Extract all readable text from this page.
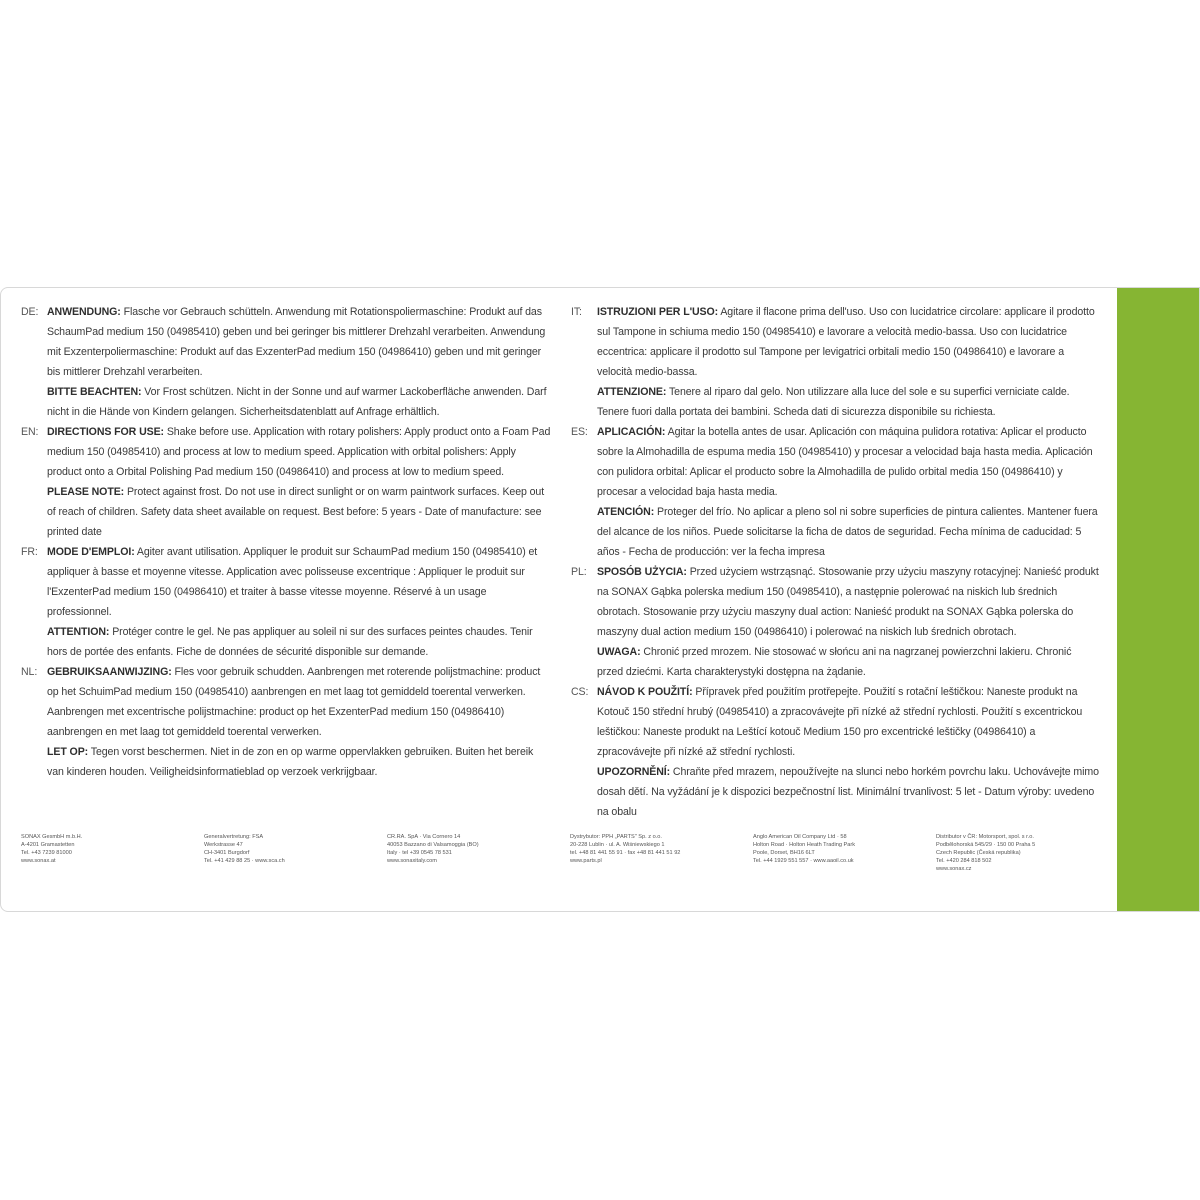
DE: ANWENDUNG: Flasche vor Gebrauch schütteln. Anwendung mit Rotationspoliermaschine: Produkt auf das SchaumPad medium 150 (04985410) geben und bei geringer bis mittlerer Drehzahl verarbeiten. Anwendung mit Exzenterpoliermaschine: Produkt auf das ExzenterPad medium 150 (04986410) geben und mit geringer bis mittlerer Drehzahl verarbeiten.

BITTE BEACHTEN: Vor Frost schützen. Nicht in der Sonne und auf warmer Lackoberfläche anwenden. Darf nicht in die Hände von Kindern gelangen. Sicherheitsdatenblatt auf Anfrage erhältlich.

EN: DIRECTIONS FOR USE: Shake before use. Application with rotary polishers: Apply product onto a Foam Pad medium 150 (04985410) and process at low to medium speed. Application with orbital polishers: Apply product onto a Orbital Polishing Pad medium 150 (04986410) and process at low to medium speed.

PLEASE NOTE: Protect against frost. Do not use in direct sunlight or on warm paintwork surfaces. Keep out of reach of children. Safety data sheet available on request. Best before: 5 years - Date of manufacture: see printed date

FR: MODE D'EMPLOI: Agiter avant utilisation. Appliquer le produit sur SchaumPad medium 150 (04985410) et appliquer à basse et moyenne vitesse. Application avec polisseuse excentrique : Appliquer le produit sur l'ExzenterPad medium 150 (04986410) et traiter à basse vitesse moyenne. Réservé à un usage professionnel.

ATTENTION: Protéger contre le gel. Ne pas appliquer au soleil ni sur des surfaces peintes chaudes. Tenir hors de portée des enfants. Fiche de données de sécurité disponible sur demande.

NL: GEBRUIKSAANWIJZING: Fles voor gebruik schudden. Aanbrengen met roterende polijstmachine: product op het SchuimPad medium 150 (04985410) aanbrengen en met laag tot gemiddeld toerental verwerken. Aanbrengen met excentrische polijstmachine: product op het ExzenterPad medium 150 (04986410) aanbrengen en met laag tot gemiddeld toerental verwerken.

LET OP: Tegen vorst beschermen. Niet in de zon en op warme oppervlakken gebruiken. Buiten het bereik van kinderen houden. Veiligheidsinformatieblad op verzoek verkrijgbaar.

IT: ISTRUZIONI PER L'USO: Agitare il flacone prima dell'uso. Uso con lucidatrice circolare: applicare il prodotto sul Tampone in schiuma medio 150 (04985410) e lavorare a velocità medio-bassa. Uso con lucidatrice eccentrica: applicare il prodotto sul Tampone per levigatrici orbitali medio 150 (04986410) e lavorare a velocità medio-bassa.

ATTENZIONE: Tenere al riparo dal gelo. Non utilizzare alla luce del sole e su superfici verniciate calde. Tenere fuori dalla portata dei bambini. Scheda dati di sicurezza disponibile su richiesta.

ES: APLICACIÓN: Agitar la botella antes de usar. Aplicación con máquina pulidora rotativa: Aplicar el producto sobre la Almohadilla de espuma media 150 (04985410) y procesar a velocidad baja hasta media. Aplicación con pulidora orbital: Aplicar el producto sobre la Almohadilla de pulido orbital media 150 (04986410) y procesar a velocidad baja hasta media.

ATENCIÓN: Proteger del frío. No aplicar a pleno sol ni sobre superficies de pintura calientes. Mantener fuera del alcance de los niños. Puede solicitarse la ficha de datos de seguridad. Fecha mínima de caducidad: 5 años - Fecha de producción: ver la fecha impresa

PL: SPOSÓB UŻYCIA: Przed użyciem wstrząsnąć. Stosowanie przy użyciu maszyny rotacyjnej: Nanieść produkt na SONAX Gąbka polerska medium 150 (04985410), a następnie polerować na niskich lub średnich obrotach. Stosowanie przy użyciu maszyny dual action: Nanieść produkt na SONAX Gąbka polerska do maszyny dual action medium 150 (04986410) i polerować na niskich lub średnich obrotach.

UWAGA: Chronić przed mrozem. Nie stosować w słońcu ani na nagrzanej powierzchni lakieru. Chronić przed dziećmi. Karta charakterystyki dostępna na żądanie.

CS: NÁVOD K POUŽITÍ: Přípravek před použitím protřepejte. Použití s rotační leštičkou: Naneste produkt na Kotouč 150 střední hrubý (04985410) a zpracovávejte při nízké až střední rychlosti. Použití s excentrickou leštičkou: Naneste produkt na Leštící kotouč Medium 150 pro excentrické leštičky (04986410) a zpracovávejte při nízké až střední rychlosti.

UPOZORNĚNÍ: Chraňte před mrazem, nepoužívejte na slunci nebo horkém povrchu laku. Uchovávejte mimo dosah dětí. Na vyžádání je k dispozici bezpečnostní list. Minimální trvanlivost: 5 let - Datum výroby: uvedeno na obalu

SONAX GesmbH m.b.H.
A-4201 Gramastetten
Tel. +43 7239 81000
www.sonax.at
Generalvertretung: FSA
Werkstrasse 47
CH-3401 Burgdorf
Tel. +41 429 88 25 · www.sca.ch
CR.RA. SpA · Via Cornero 14
40053 Bazzano di Valsamoggia (BO)
Italy · tel +39 0545 78 531
www.sonaxitaly.com
Dystrybutor: PPH „PARTS" Sp. z o.o.
20-228 Lublin · ul. A. Wiśniewskiego 1
tel. +48 81 441 55 91 · fax +48 81 441 51 92
www.parts.pl
Anglo American Oil Company Ltd · 58
Holton Road · Holton Heath Trading Park
Poole, Dorset, BH16 6LT
Tel. +44 1929 551 557 · www.aaoil.co.uk
Distributor v ČR: Motorsport, spol. s r.o.
Podbělohorská 545/29 · 150 00 Praha 5
Czech Republic (Česká republika)
Tel. +420 284 818 502
www.sonax.cz
